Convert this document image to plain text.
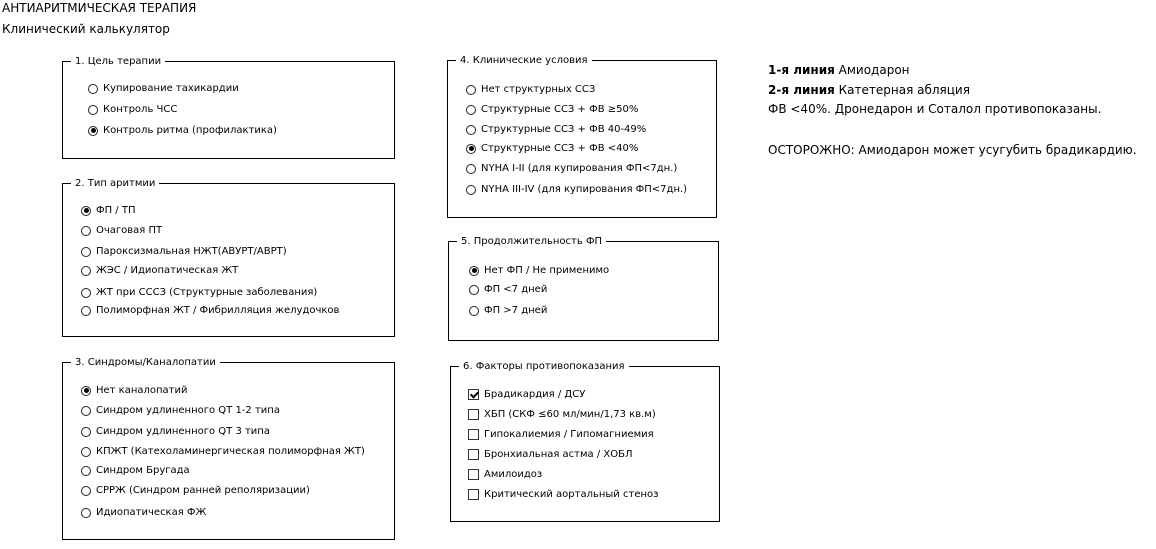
АНТИАРИТМИЧЕСКАЯ ТЕРАПИЯ
Клинический калькулятор
1. Цель терапии
Купирование тахикардии
Контроль ЧСС
Контроль ритма (профилактика)
2. Тип аритмии
ФП / ТП
Очаговая ПТ
Пароксизмальная НЖТ(АВУРТ/АВРТ)
ЖЭС / Идиопатическая ЖТ
ЖТ при СССЗ (Структурные заболевания)
Полиморфная ЖТ / Фибрилляция желудочков
3. Синдромы/Каналопатии
Нет каналопатий
Синдром удлиненного QT 1-2 типа
Синдром удлиненного QT 3 типа
КПЖТ (Катехоламинергическая полиморфная ЖТ)
Синдром Бругада
СРРЖ (Синдром ранней реполяризации)
Идиопатическая ФЖ
4. Клинические условия
Нет структурных ССЗ
Структурные ССЗ + ФВ ≥50%
Структурные ССЗ + ФВ 40-49%
Структурные ССЗ + ФВ <40%
NYHA I-II (для купирования ФП<7дн.)
NYHA III-IV (для купирования ФП<7дн.)
5. Продолжительность ФП
Нет ФП / Не применимо
ФП <7 дней
ФП >7 дней
6. Факторы противопоказания
Брадикардия / ДСУ
ХБП (СКФ ≤60 мл/мин/1,73 кв.м)
Гипокалиемия / Гипомагниемия
Бронхиальная астма / ХОБЛ
Амилоидоз
Критический аортальный стеноз
1-я линия Амиодарон
2-я линия Катетерная абляция
ФВ <40%. Дронедарон и Соталол противопоказаны.
ОСТОРОЖНО: Амиодарон может усугубить брадикардию.
